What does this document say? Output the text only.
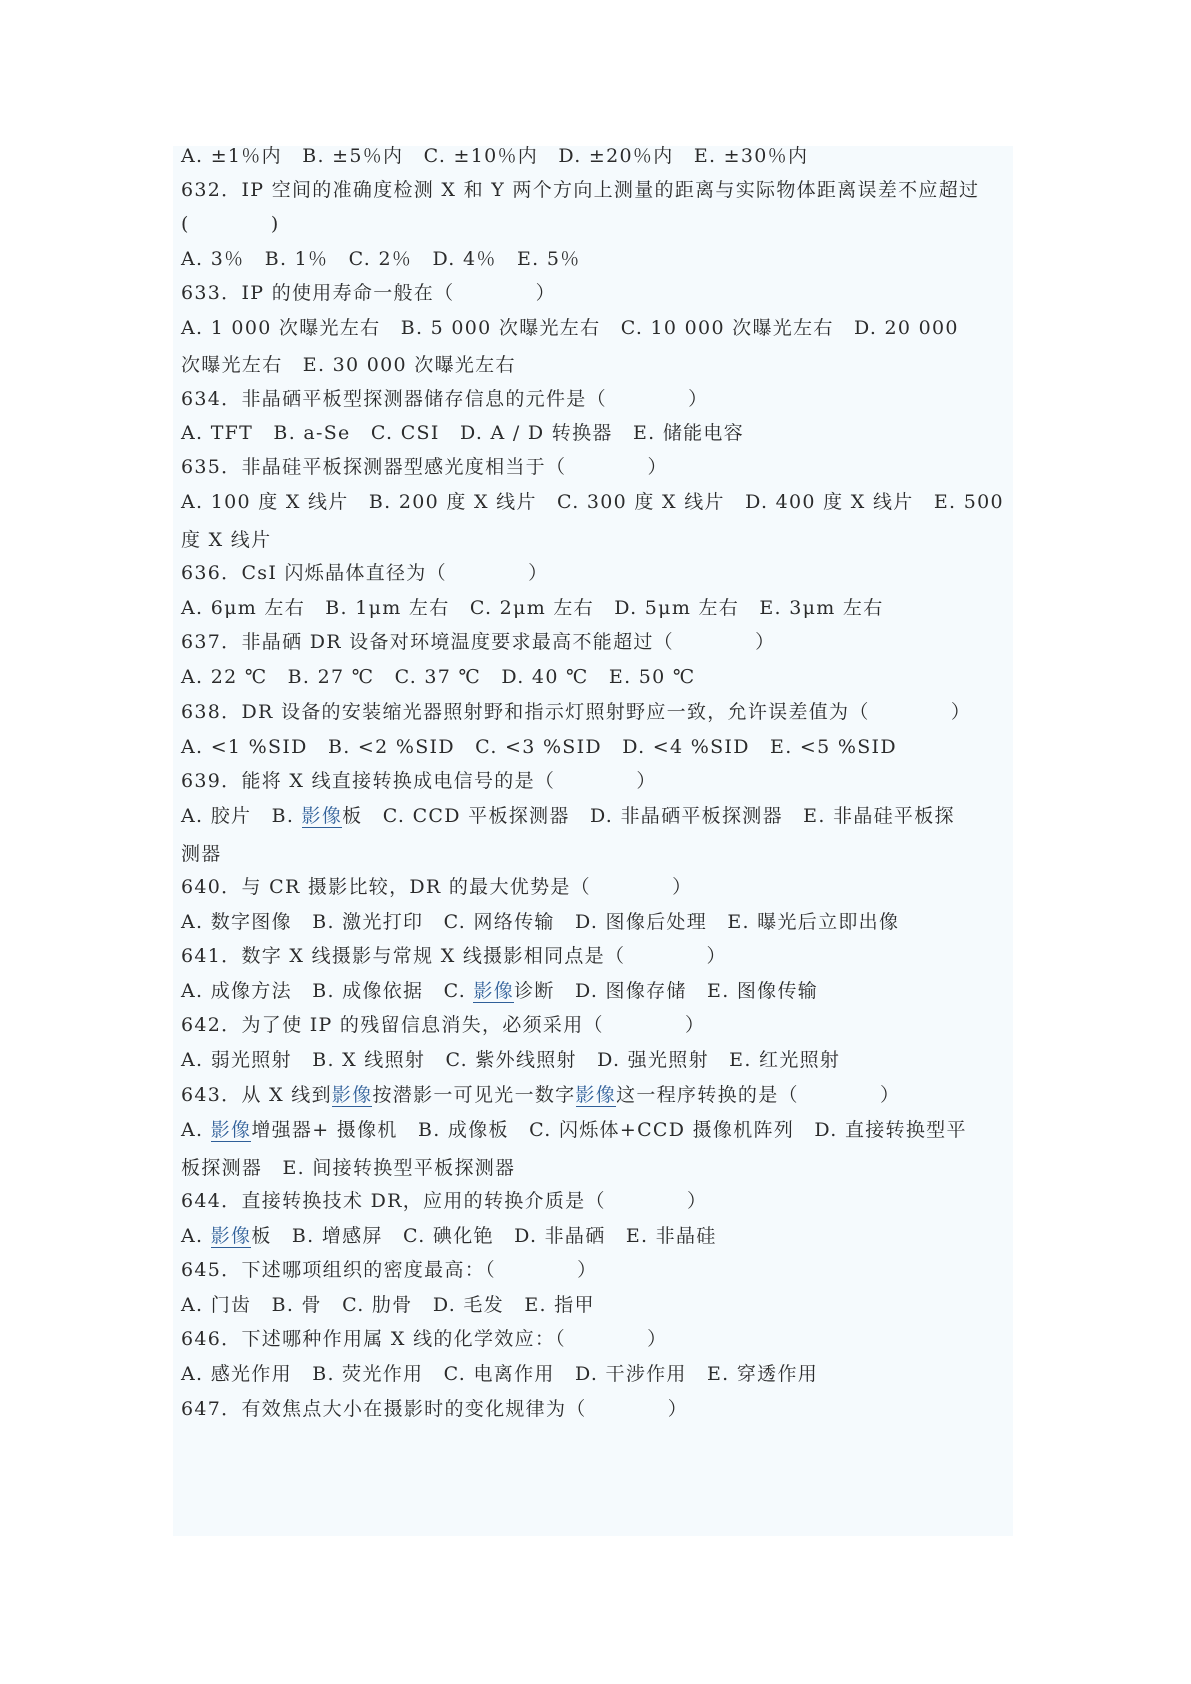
A. ±1％内　B. ±5％内　C. ±10％内　D. ±20％内　E. ±30％内
632．IP 空间的准确度检测 X 和 Y 两个方向上测量的距离与实际物体距离误差不应超过
(　　　　)
A. 3％　B. 1％　C. 2％　D. 4％　E. 5％
633．IP 的使用寿命一般在（　　　　）
A. 1 000 次曝光左右　B. 5 000 次曝光左右　C. 10 000 次曝光左右　D. 20 000
次曝光左右　E. 30 000 次曝光左右
634．非晶硒平板型探测器储存信息的元件是（　　　　）
A. TFT　B. a-Se　C. CSI　D. A / D 转换器　E. 储能电容
635．非晶硅平板探测器型感光度相当于（　　　　）
A. 100 度 X 线片　B. 200 度 X 线片　C. 300 度 X 线片　D. 400 度 X 线片　E. 500
度 X 线片
636．CsI 闪烁晶体直径为（　　　　）
A. 6μm 左右　B. 1μm 左右　C. 2μm 左右　D. 5μm 左右　E. 3μm 左右
637．非晶硒 DR 设备对环境温度要求最高不能超过（　　　　）
A. 22 ℃　B. 27 ℃　C. 37 ℃　D. 40 ℃　E. 50 ℃
638．DR 设备的安装缩光器照射野和指示灯照射野应一致，允许误差值为（　　　　）
A. <1 %SID　B. <2 %SID　C. <3 %SID　D. <4 %SID　E. <5 %SID
639．能将 X 线直接转换成电信号的是（　　　　）
A. 胶片　B. 影像板　C. CCD 平板探测器　D. 非晶硒平板探测器　E. 非晶硅平板探
测器
640．与 CR 摄影比较，DR 的最大优势是（　　　　）
A. 数字图像　B. 激光打印　C. 网络传输　D. 图像后处理　E. 曝光后立即出像
641．数字 X 线摄影与常规 X 线摄影相同点是（　　　　）
A. 成像方法　B. 成像依据　C. 影像诊断　D. 图像存储　E. 图像传输
642．为了使 IP 的残留信息消失，必须采用（　　　　）
A. 弱光照射　B. X 线照射　C. 紫外线照射　D. 强光照射　E. 红光照射
643．从 X 线到影像按潜影一可见光一数字影像这一程序转换的是（　　　　）
A. 影像增强器+ 摄像机　B. 成像板　C. 闪烁体+CCD 摄像机阵列　D. 直接转换型平
板探测器　E. 间接转换型平板探测器
644．直接转换技术 DR，应用的转换介质是（　　　　）
A. 影像板　B. 增感屏　C. 碘化铯　D. 非晶硒　E. 非晶硅
645．下述哪项组织的密度最高：（　　　　）
A. 门齿　B. 骨　C. 肋骨　D. 毛发　E. 指甲
646．下述哪种作用属 X 线的化学效应：（　　　　）
A. 感光作用　B. 荧光作用　C. 电离作用　D. 干涉作用　E. 穿透作用
647．有效焦点大小在摄影时的变化规律为（　　　　）
